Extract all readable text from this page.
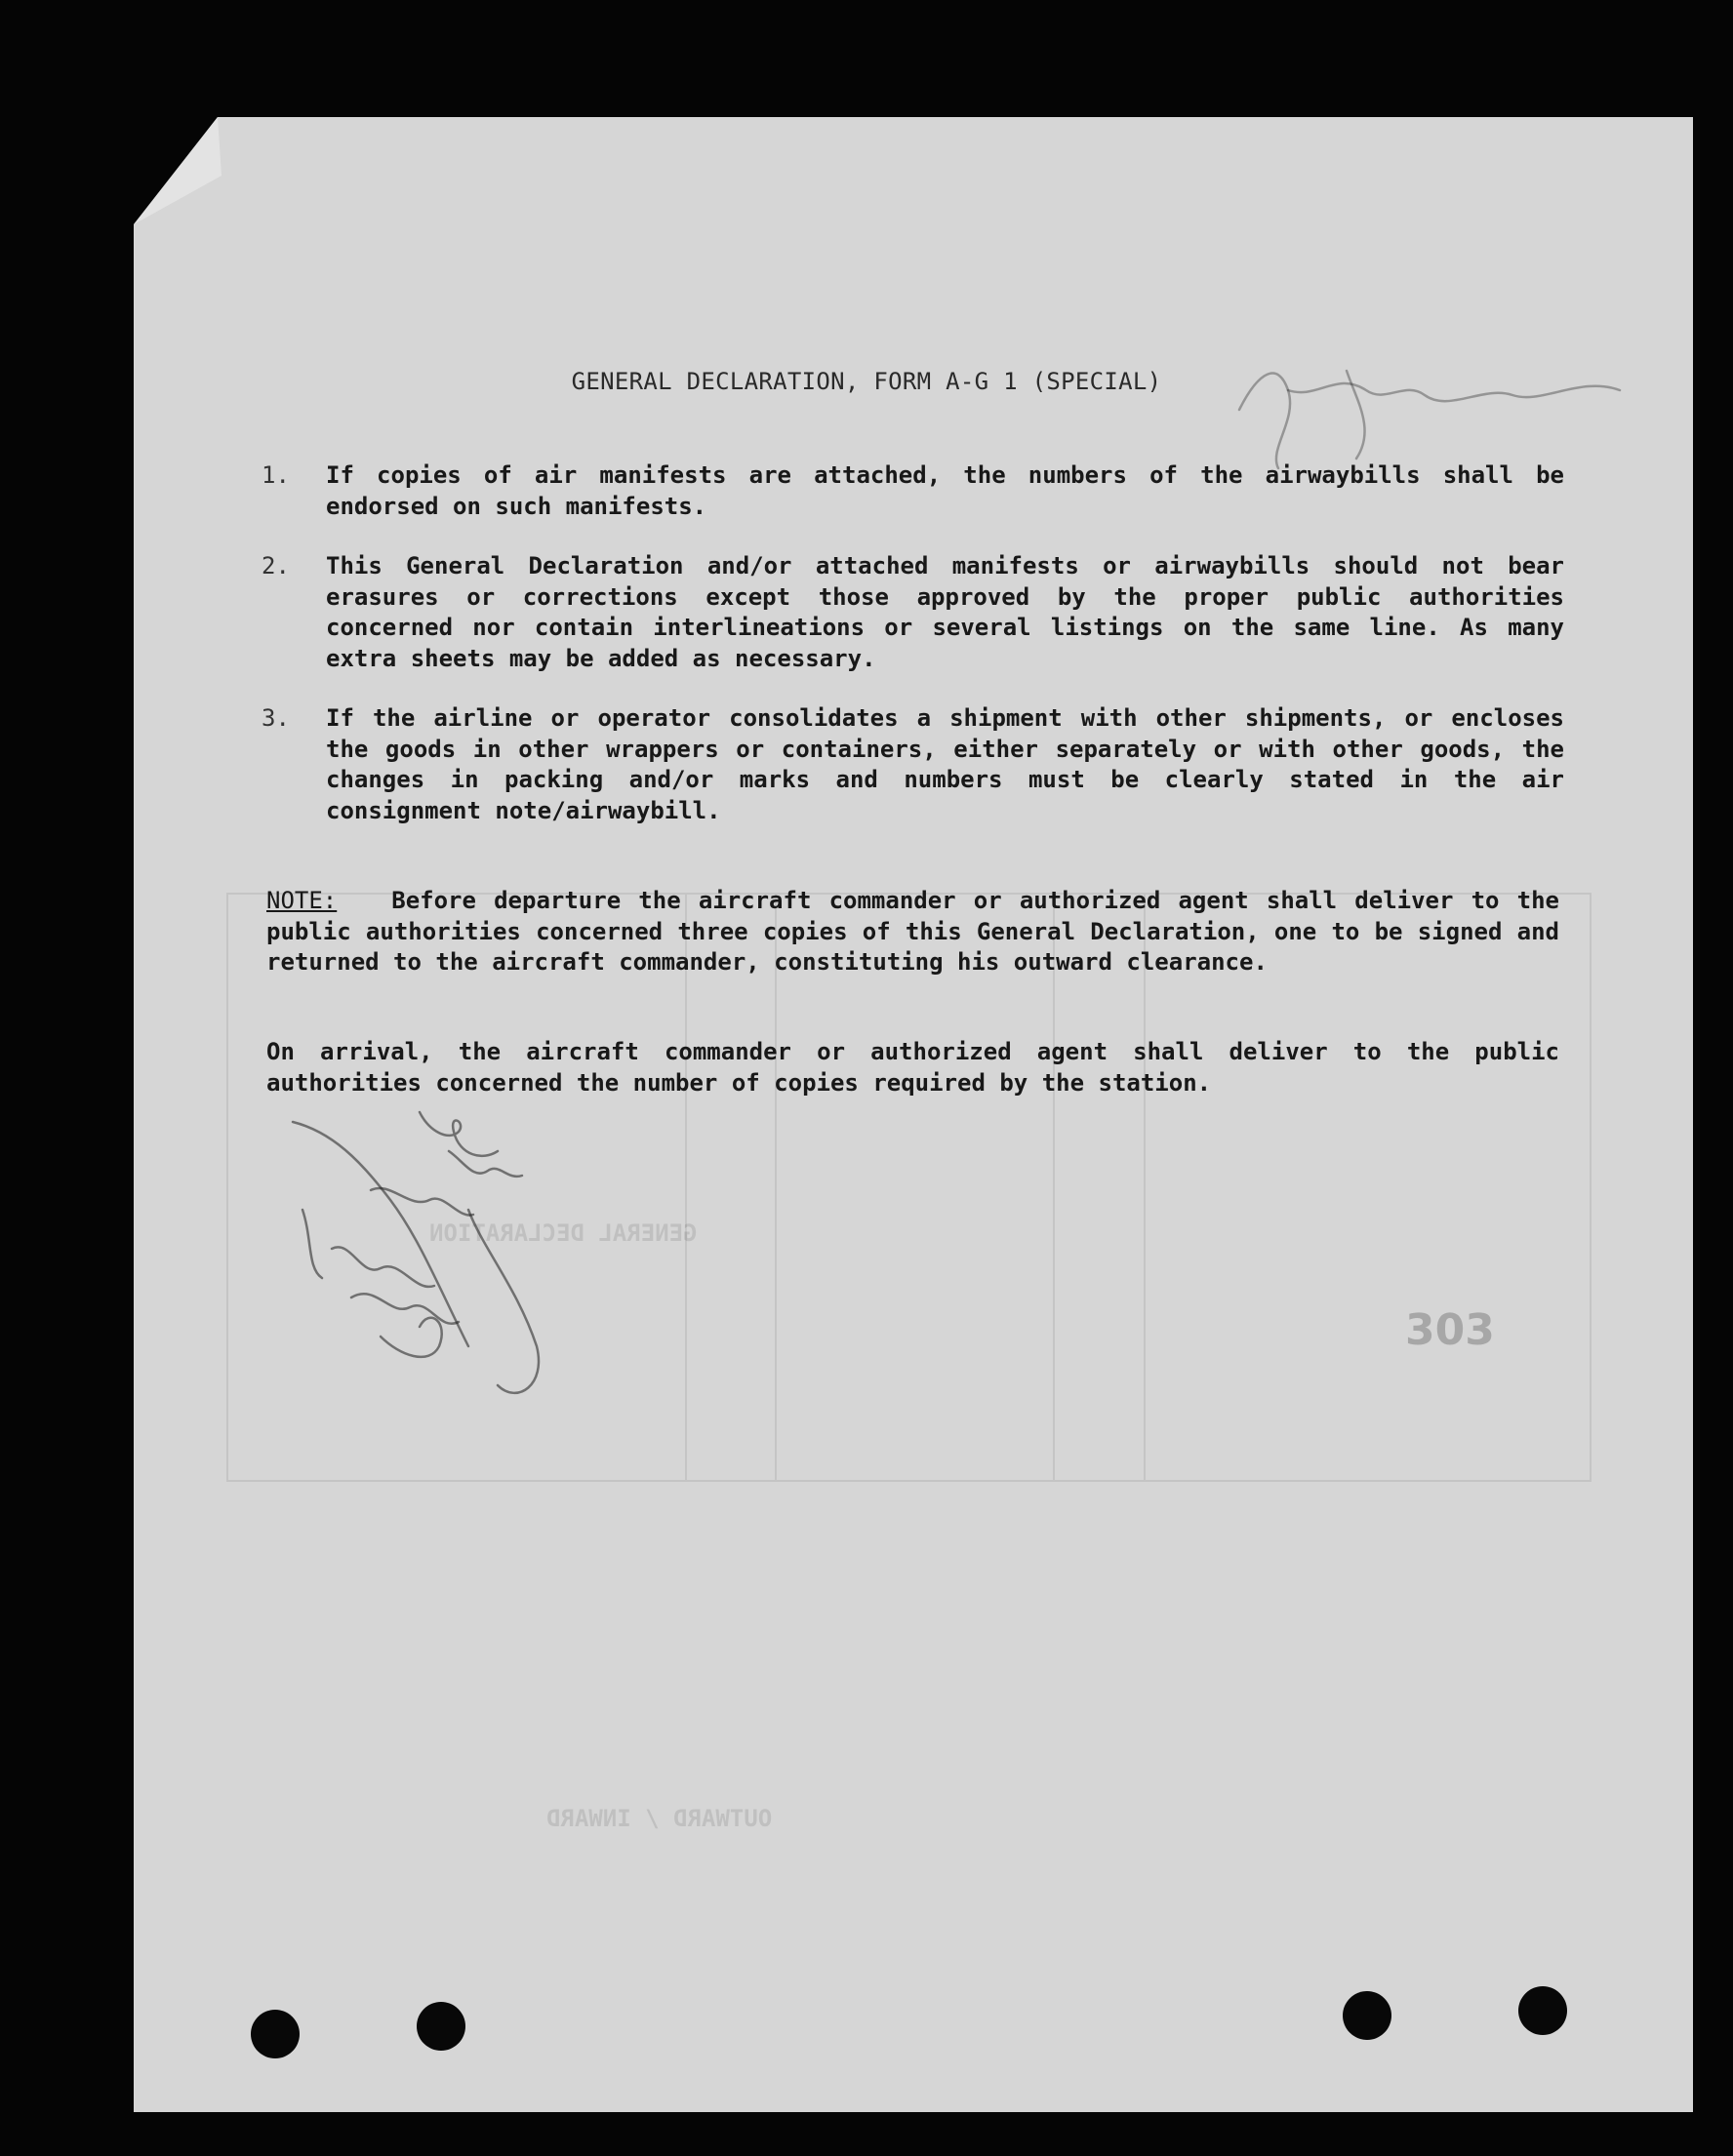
GENERAL DECLARATION
OUTWARD / INWARD
303
GENERAL DECLARATION, FORM A-G 1 (SPECIAL)
1. If copies of air manifests are attached, the numbers of the airwaybills shall be endorsed on such manifests.
2. This General Declaration and/or attached manifests or airwaybills should not bear erasures or corrections except those approved by the proper public authorities concerned nor contain interlineations or several listings on the same line. As many extra sheets may be added as necessary.
3. If the airline or operator consolidates a shipment with other shipments, or encloses the goods in other wrappers or containers, either separately or with other goods, the changes in packing and/or marks and numbers must be clearly stated in the air consignment note/airwaybill.
NOTE: Before departure the aircraft commander or authorized agent shall deliver to the public authorities concerned three copies of this General Declaration, one to be signed and returned to the aircraft commander, constituting his outward clearance.
On arrival, the aircraft commander or authorized agent shall deliver to the public authorities concerned the number of copies required by the station.
